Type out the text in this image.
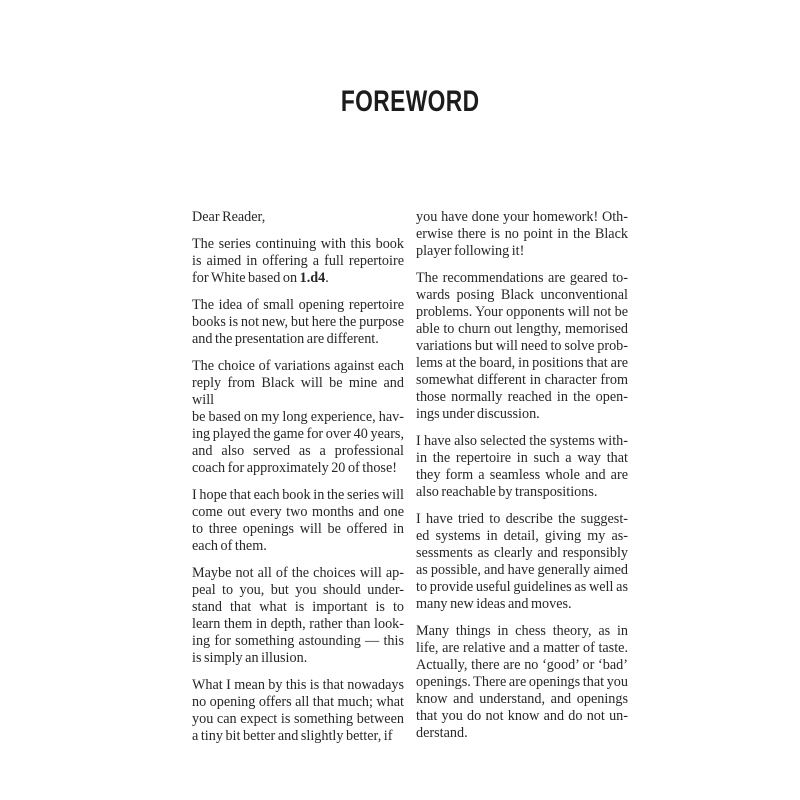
FOREWORD
Dear Reader,
The series continuing with this book
is aimed in offering a full repertoire
for White based on 1.d4.
The idea of small opening repertoire
books is not new, but here the purpose
and the presentation are different.
The choice of variations against each
reply from Black will be mine and will
be based on my long experience, hav-
ing played the game for over 40 years,
and also served as a professional
coach for approximately 20 of those!
I hope that each book in the series will
come out every two months and one
to three openings will be offered in
each of them.
Maybe not all of the choices will ap-
peal to you, but you should under-
stand that what is important is to
learn them in depth, rather than look-
ing for something astounding — this
is simply an illusion.
What I mean by this is that nowadays
no opening offers all that much; what
you can expect is something between
a tiny bit better and slightly better, if
you have done your homework! Oth-
erwise there is no point in the Black
player following it!
The recommendations are geared to-
wards posing Black unconventional
problems. Your opponents will not be
able to churn out lengthy, memorised
variations but will need to solve prob-
lems at the board, in positions that are
somewhat different in character from
those normally reached in the open-
ings under discussion.
I have also selected the systems with-
in the repertoire in such a way that
they form a seamless whole and are
also reachable by transpositions.
I have tried to describe the suggest-
ed systems in detail, giving my as-
sessments as clearly and responsibly
as possible, and have generally aimed
to provide useful guidelines as well as
many new ideas and moves.
Many things in chess theory, as in
life, are relative and a matter of taste.
Actually, there are no ‘good’ or ‘bad’
openings. There are openings that you
know and understand, and openings
that you do not know and do not un-
derstand.
